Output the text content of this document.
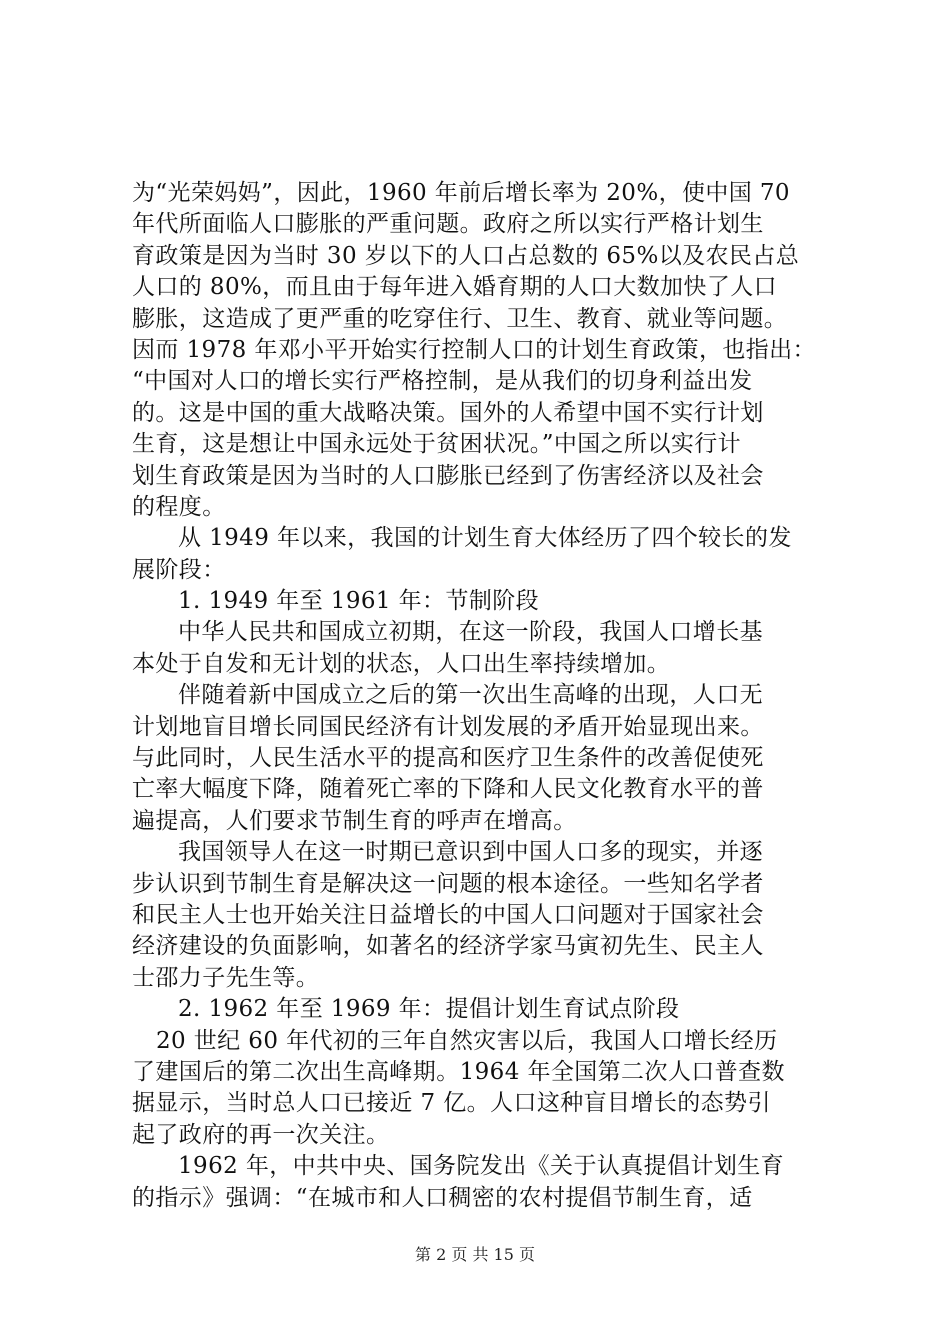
为“光荣妈妈”，因此，1960 年前后增长率为 20%，使中国 70
年代所面临人口膨胀的严重问题。政府之所以实行严格计划生
育政策是因为当时 30 岁以下的人口占总数的 65%以及农民占总
人口的 80%，而且由于每年进入婚育期的人口大数加快了人口
膨胀，这造成了更严重的吃穿住行、卫生、教育、就业等问题。
因而 1978 年邓小平开始实行控制人口的计划生育政策，也指出：
“中国对人口的增长实行严格控制，是从我们的切身利益出发
的。这是中国的重大战略决策。国外的人希望中国不实行计划
生育，这是想让中国永远处于贫困状况。”中国之所以实行计
划生育政策是因为当时的人口膨胀已经到了伤害经济以及社会
的程度。
从 1949 年以来，我国的计划生育大体经历了四个较长的发
展阶段：
1. 1949 年至 1961 年：节制阶段
中华人民共和国成立初期，在这一阶段，我国人口增长基
本处于自发和无计划的状态，人口出生率持续增加。
伴随着新中国成立之后的第一次出生高峰的出现，人口无
计划地盲目增长同国民经济有计划发展的矛盾开始显现出来。
与此同时，人民生活水平的提高和医疗卫生条件的改善促使死
亡率大幅度下降，随着死亡率的下降和人民文化教育水平的普
遍提高，人们要求节制生育的呼声在增高。
我国领导人在这一时期已意识到中国人口多的现实，并逐
步认识到节制生育是解决这一问题的根本途径。一些知名学者
和民主人士也开始关注日益增长的中国人口问题对于国家社会
经济建设的负面影响，如著名的经济学家马寅初先生、民主人
士邵力子先生等。
2. 1962 年至 1969 年：提倡计划生育试点阶段
20 世纪 60 年代初的三年自然灾害以后，我国人口增长经历
了建国后的第二次出生高峰期。1964 年全国第二次人口普查数
据显示，当时总人口已接近 7 亿。人口这种盲目增长的态势引
起了政府的再一次关注。
1962 年，中共中央、国务院发出《关于认真提倡计划生育
的指示》强调：“在城市和人口稠密的农村提倡节制生育，适
第 2 页 共 15 页
